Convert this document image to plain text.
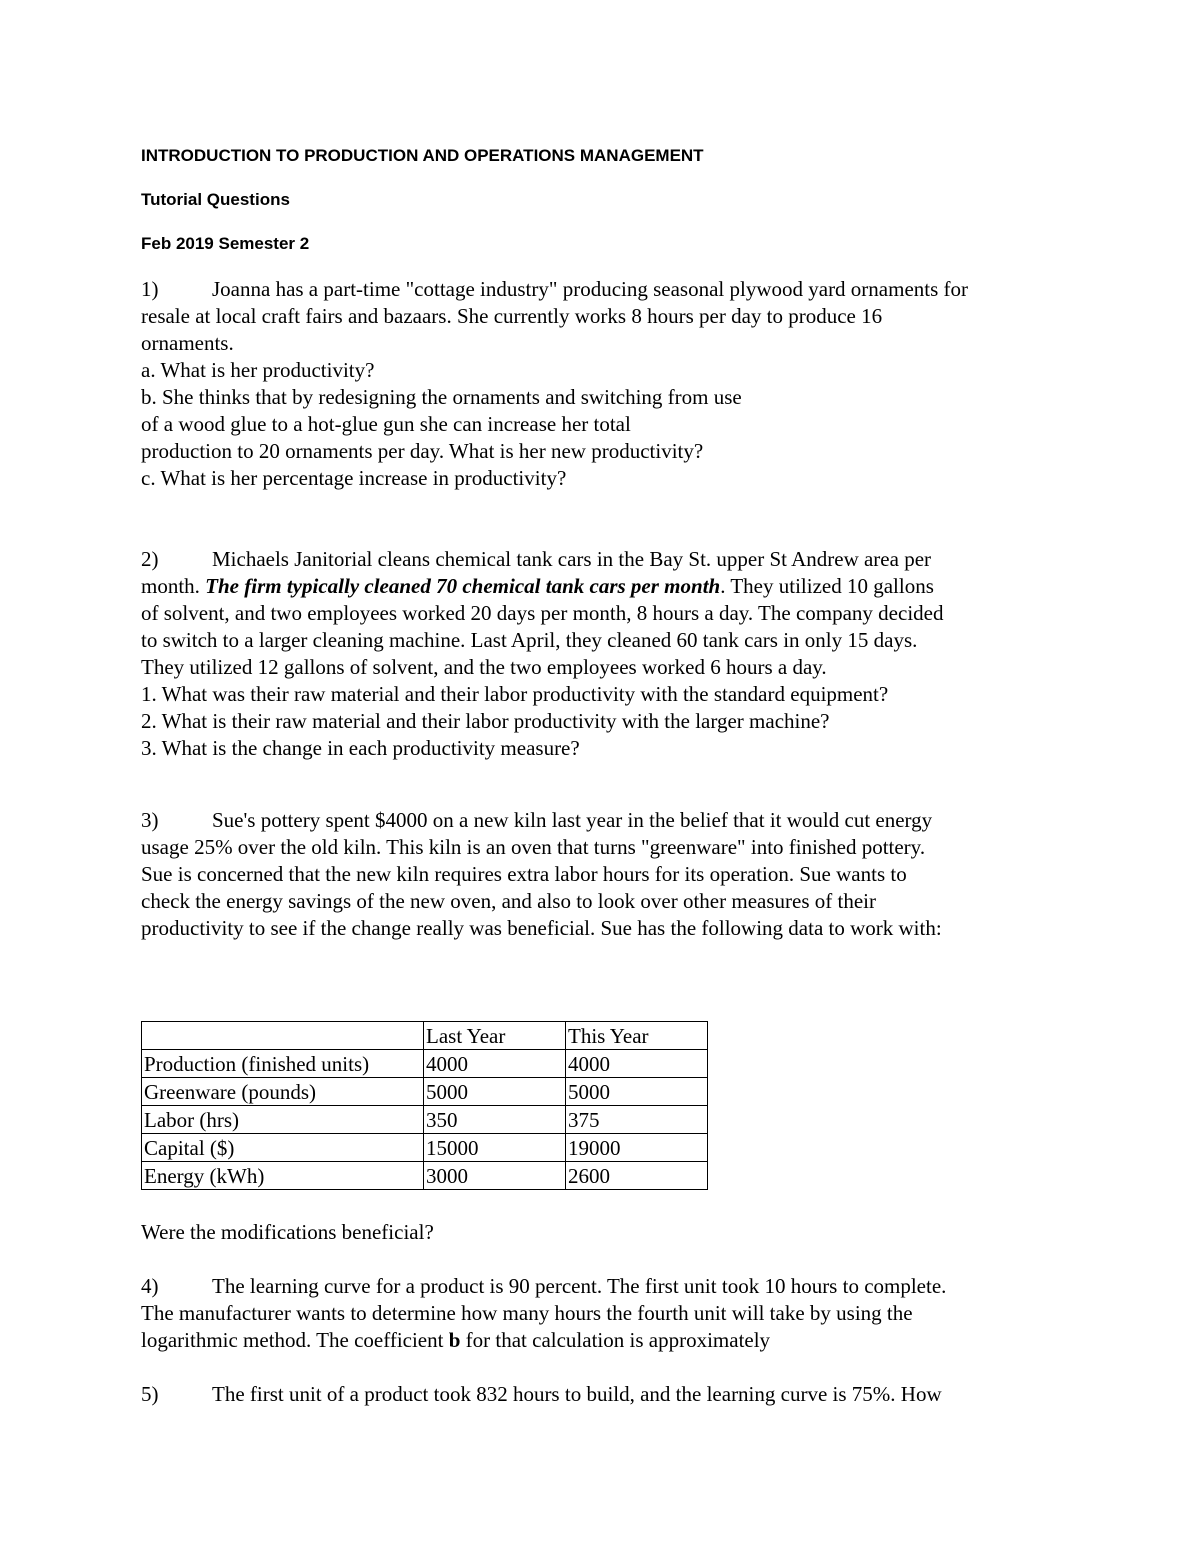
INTRODUCTION TO PRODUCTION AND OPERATIONS MANAGEMENT
Tutorial Questions
Feb 2019 Semester 2
1)	Joanna has a part-time "cottage industry" producing seasonal plywood yard ornaments for
resale at local craft fairs and bazaars. She currently works 8 hours per day to produce 16
ornaments.
a. What is her productivity?
b. She thinks that by redesigning the ornaments and switching from use
of a wood glue to a hot-glue gun she can increase her total
production to 20 ornaments per day. What is her new productivity?
c. What is her percentage increase in productivity?
2)	Michaels Janitorial cleans chemical tank cars in the Bay St. upper St Andrew area per
month. The firm typically cleaned 70 chemical tank cars per month. They utilized 10 gallons
of solvent, and two employees worked 20 days per month, 8 hours a day. The company decided
to switch to a larger cleaning machine. Last April, they cleaned 60 tank cars in only 15 days.
They utilized 12 gallons of solvent, and the two employees worked 6 hours a day.
1. What was their raw material and their labor productivity with the standard equipment?
2. What is their raw material and their labor productivity with the larger machine?
3. What is the change in each productivity measure?
3)	Sue's pottery spent $4000 on a new kiln last year in the belief that it would cut energy
usage 25% over the old kiln. This kiln is an oven that turns "greenware" into finished pottery.
Sue is concerned that the new kiln requires extra labor hours for its operation. Sue wants to
check the energy savings of the new oven, and also to look over other measures of their
productivity to see if the change really was beneficial. Sue has the following data to work with:
	Last Year	This Year
Production (finished units)	4000	4000
Greenware (pounds)	5000	5000
Labor (hrs)	350	375
Capital ($)	15000	19000
Energy (kWh)	3000	2600
Were the modifications beneficial?
4)	The learning curve for a product is 90 percent. The first unit took 10 hours to complete.
The manufacturer wants to determine how many hours the fourth unit will take by using the
logarithmic method. The coefficient b for that calculation is approximately
5)	The first unit of a product took 832 hours to build, and the learning curve is 75%. How
